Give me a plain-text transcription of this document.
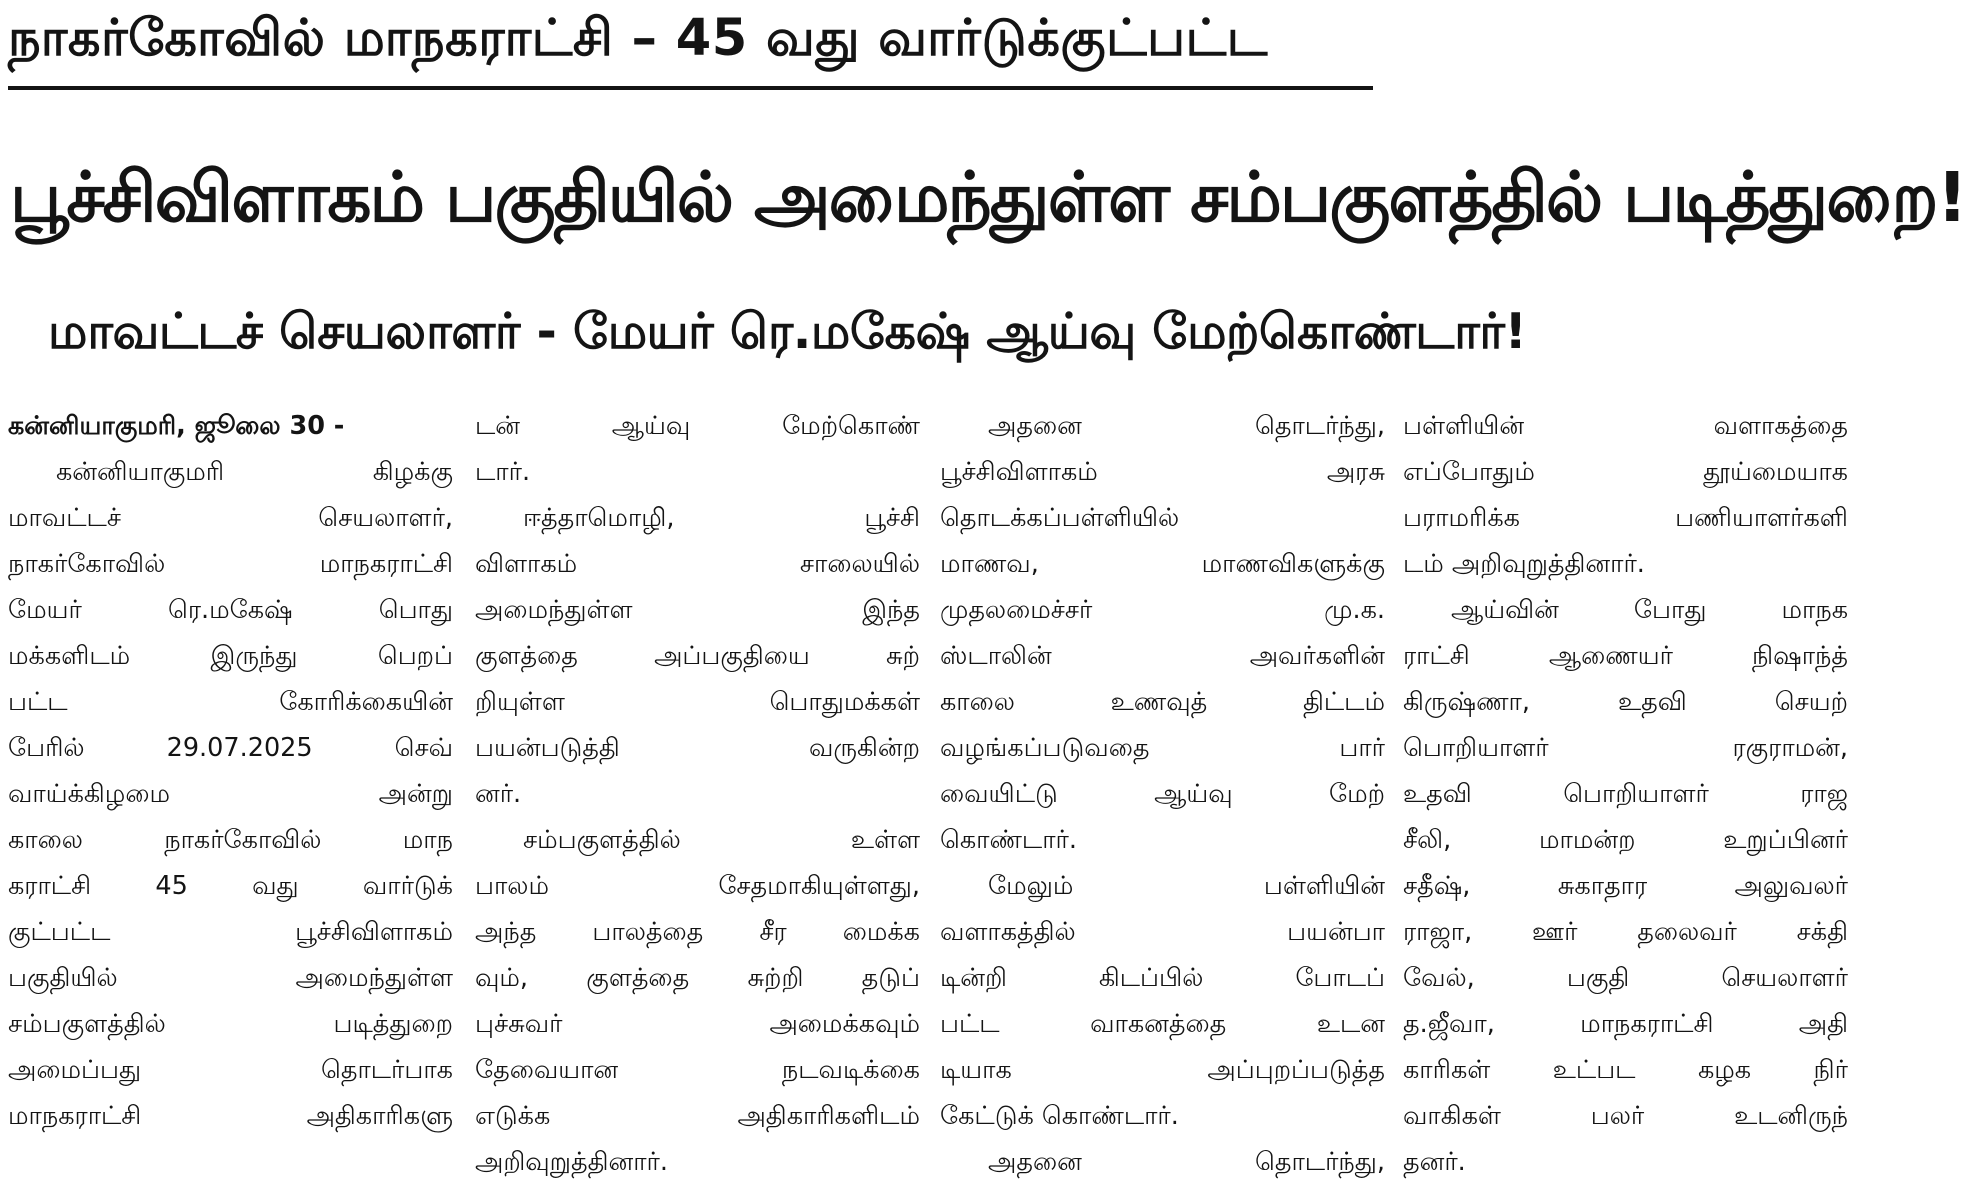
நாகர்கோவில் மாநகராட்சி – 45 வது வார்டுக்குட்பட்ட
பூச்சிவிளாகம் பகுதியில் அமைந்துள்ள சம்பகுளத்தில் படித்துறை!
மாவட்டச் செயலாளர் - மேயர் ரெ.மகேஷ் ஆய்வு மேற்கொண்டார்!
கன்னியாகுமரி, ஜூலை 30 -
கன்னியாகுமரி கிழக்கு
மாவட்டச் செயலாளர்,
நாகர்கோவில் மாநகராட்சி
மேயர் ரெ.மகேஷ் பொது
மக்களிடம் இருந்து பெறப்
பட்ட கோரிக்கையின்
பேரில் 29.07.2025 செவ்
வாய்க்கிழமை அன்று
காலை நாகர்கோவில் மாந
கராட்சி 45 வது வார்டுக்
குட்பட்ட பூச்சிவிளாகம்
பகுதியில் அமைந்துள்ள
சம்பகுளத்தில் படித்துறை
அமைப்பது தொடர்பாக
மாநகராட்சி அதிகாரிகளு
டன் ஆய்வு மேற்கொண்
டார்.
ஈத்தாமொழி, பூச்சி
விளாகம் சாலையில்
அமைந்துள்ள இந்த
குளத்தை அப்பகுதியை சுற்
றியுள்ள பொதுமக்கள்
பயன்படுத்தி வருகின்ற
னர்.
சம்பகுளத்தில் உள்ள
பாலம் சேதமாகியுள்ளது,
அந்த பாலத்தை சீர மைக்க
வும், குளத்தை சுற்றி தடுப்
புச்சுவர் அமைக்கவும்
தேவையான நடவடிக்கை
எடுக்க அதிகாரிகளிடம்
அறிவுறுத்தினார்.
அதனை தொடர்ந்து,
பூச்சிவிளாகம் அரசு
தொடக்கப்பள்ளியில்
மாணவ, மாணவிகளுக்கு
முதலமைச்சர் மு.க.
ஸ்டாலின் அவர்களின்
காலை உணவுத் திட்டம்
வழங்கப்படுவதை பார்
வையிட்டு ஆய்வு மேற்
கொண்டார்.
மேலும் பள்ளியின்
வளாகத்தில் பயன்பா
டின்றி கிடப்பில் போடப்
பட்ட வாகனத்தை உடன
டியாக அப்புறப்படுத்த
கேட்டுக் கொண்டார்.
அதனை தொடர்ந்து,
பள்ளியின் வளாகத்தை
எப்போதும் தூய்மையாக
பராமரிக்க பணியாளர்களி
டம் அறிவுறுத்தினார்.
ஆய்வின் போது மாநக
ராட்சி ஆணையர் நிஷாந்த்
கிருஷ்ணா, உதவி செயற்
பொறியாளர் ரகுராமன்,
உதவி பொறியாளர் ராஜ
சீலி, மாமன்ற உறுப்பினர்
சதீஷ், சுகாதார அலுவலர்
ராஜா, ஊர் தலைவர் சக்தி
வேல், பகுதி செயலாளர்
த.ஜீவா, மாநகராட்சி அதி
காரிகள் உட்பட கழக நிர்
வாகிகள் பலர் உடனிருந்
தனர்.
